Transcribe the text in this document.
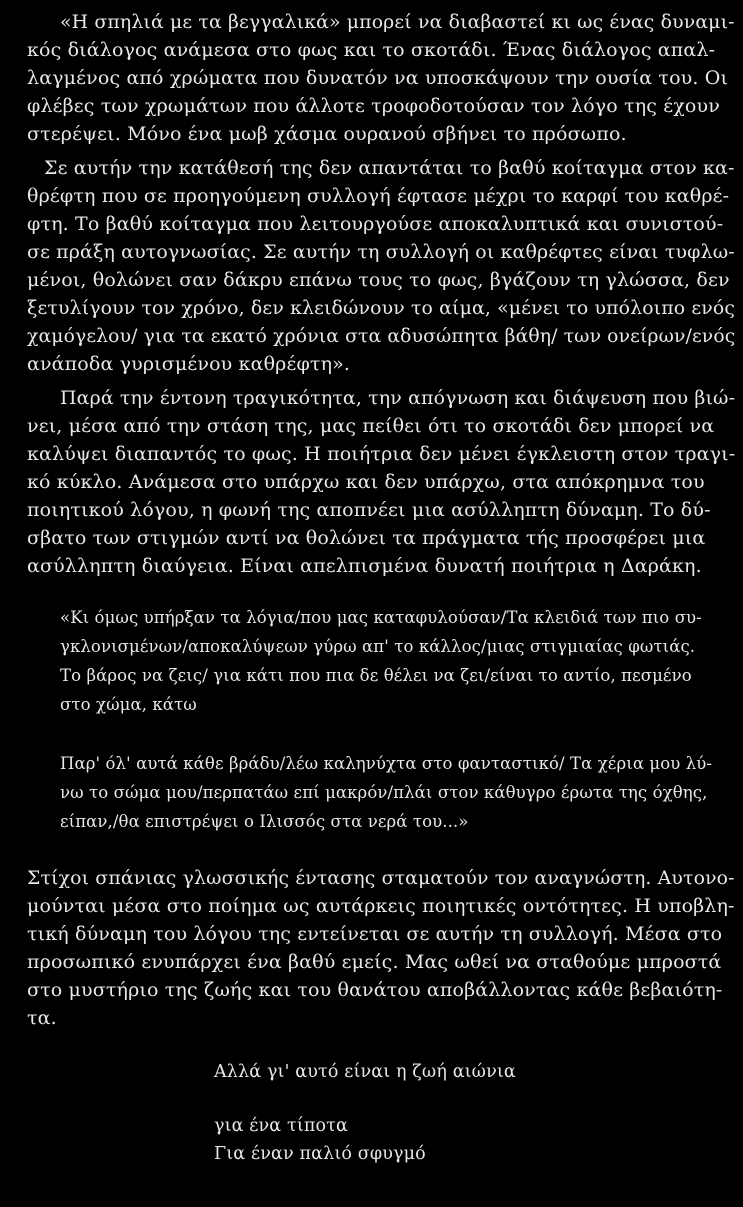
«Η σπηλιά με τα βεγγαλικά» μπορεί να διαβαστεί κι ως ένας δυναμι-
κός διάλογος ανάμεσα στο φως και το σκοτάδι. Ένας διάλογος απαλ-
λαγμένος από χρώματα που δυνατόν να υποσκάψουν την ουσία του. Οι
φλέβες των χρωμάτων που άλλοτε τροφοδοτούσαν τον λόγο της έχουν
στερέψει. Μόνο ένα μωβ χάσμα ουρανού σβήνει το πρόσωπο.
Σε αυτήν την κατάθεσή της δεν απαντάται το βαθύ κοίταγμα στον κα-
θρέφτη που σε προηγούμενη συλλογή έφτασε μέχρι το καρφί του καθρέ-
φτη. Το βαθύ κοίταγμα που λειτουργούσε αποκαλυπτικά και συνιστού-
σε πράξη αυτογνωσίας. Σε αυτήν τη συλλογή οι καθρέφτες είναι τυφλω-
μένοι, θολώνει σαν δάκρυ επάνω τους το φως, βγάζουν τη γλώσσα, δεν
ξετυλίγουν τον χρόνο, δεν κλειδώνουν το αίμα, «μένει το υπόλοιπο ενός
χαμόγελου/ για τα εκατό χρόνια στα αδυσώπητα βάθη/ των ονείρων/ενός
ανάποδα γυρισμένου καθρέφτη».
Παρά την έντονη τραγικότητα, την απόγνωση και διάψευση που βιώ-
νει, μέσα από την στάση της, μας πείθει ότι το σκοτάδι δεν μπορεί να
καλύψει διαπαντός το φως. Η ποιήτρια δεν μένει έγκλειστη στον τραγι-
κό κύκλο. Ανάμεσα στο υπάρχω και δεν υπάρχω, στα απόκρημνα του
ποιητικού λόγου, η φωνή της αποπνέει μια ασύλληπτη δύναμη. Το δύ-
σβατο των στιγμών αντί να θολώνει τα πράγματα τής προσφέρει μια
ασύλληπτη διαύγεια. Είναι απελπισμένα δυνατή ποιήτρια η Δαράκη.
«Κι όμως υπήρξαν τα λόγια/που μας καταφυλούσαν/Τα κλειδιά των πιο συ-
γκλονισμένων/αποκαλύψεων γύρω απ' το κάλλος/μιας στιγμιαίας φωτιάς.
Το βάρος να ζεις/ για κάτι που πια δε θέλει να ζει/είναι το αντίο, πεσμένο
στο χώμα, κάτω
Παρ' όλ' αυτά κάθε βράδυ/λέω καληνύχτα στο φανταστικό/ Τα χέρια μου λύ-
νω το σώμα μου/περπατάω επί μακρόν/πλάι στον κάθυγρο έρωτα της όχθης,
είπαν,/θα επιστρέψει ο Ιλισσός στα νερά του...»
Στίχοι σπάνιας γλωσσικής έντασης σταματούν τον αναγνώστη. Αυτονο-
μούνται μέσα στο ποίημα ως αυτάρκεις ποιητικές οντότητες. Η υποβλη-
τική δύναμη του λόγου της εντείνεται σε αυτήν τη συλλογή. Μέσα στο
προσωπικό ενυπάρχει ένα βαθύ εμείς. Μας ωθεί να σταθούμε μπροστά
στο μυστήριο της ζωής και του θανάτου αποβάλλοντας κάθε βεβαιότη-
τα.
Αλλά γι' αυτό είναι η ζωή αιώνια
για ένα τίποτα
Για έναν παλιό σφυγμό
